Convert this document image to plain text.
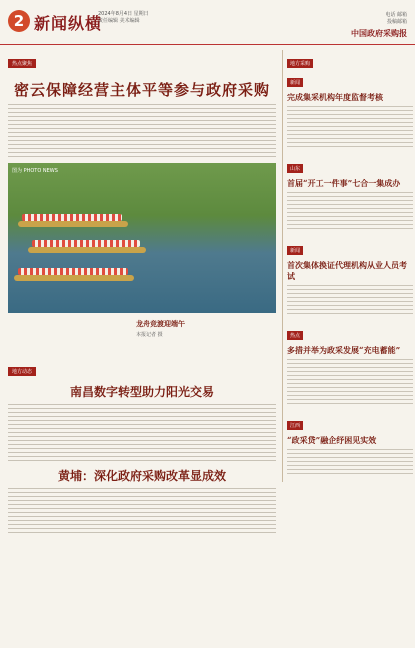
2 新闻纵横
2024年8月4日 星期日
责任编辑 美术编辑
电话 邮箱
投稿邮箱
中国政府采购报
热点聚焦
密云保障经营主体平等参与政府采购
图为 PHOTO NEWS
龙舟竞渡迎端午
本报记者 摄
地方动态
南昌数字转型助力阳光交易
黄埔：深化政府采购改革显成效
地方采购
新闻
完成集采机构年度监督考核
山东
首届“开工一件事”七合一集成办
新闻
首次集体换证代理机构从业人员考试
热点
多措并举为政采发展“充电蓄能”
江西
“政采贷”融企纾困见实效
